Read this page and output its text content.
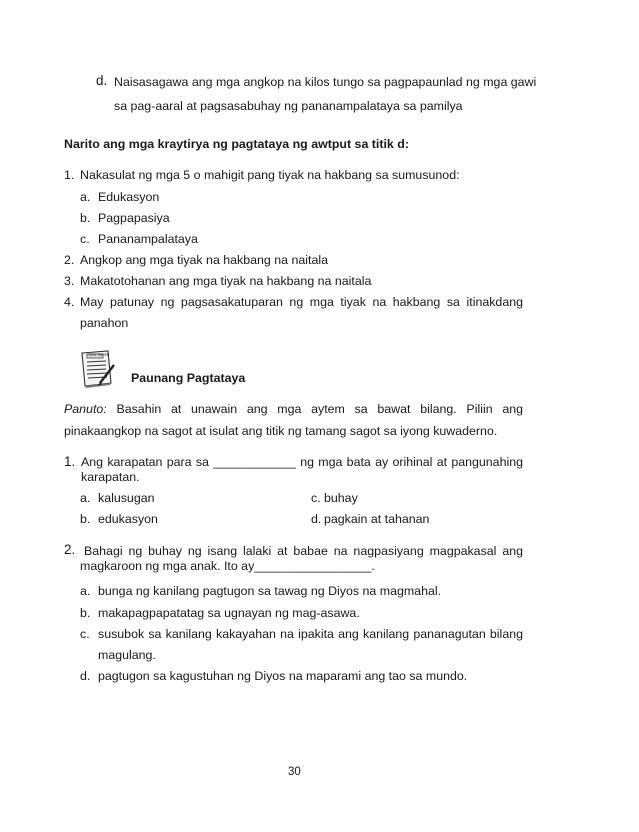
d. Naisasagawa ang mga angkop na kilos tungo sa pagpapaunlad ng mga gawi
sa pag-aaral at pagsasabuhay ng pananampalataya sa pamilya
Narito ang mga kraytirya ng pagtataya ng awtput sa titik d:
1. Nakasulat ng mga 5 o mahigit pang tiyak na hakbang sa sumusunod:
a. Edukasyon
b. Pagpapasiya
c. Pananampalataya
2. Angkop ang mga tiyak na hakbang na naitala
3. Makatotohanan ang mga tiyak na hakbang na naitala
4. May patunay ng pagsasakatuparan ng mga tiyak na hakbang sa itinakdang
panahon
TEST PAPER
Paunang Pagtataya
Panuto: Basahin at unawain ang mga aytem sa bawat bilang. Piliin ang
pinakaangkop na sagot at isulat ang titik ng tamang sagot sa iyong kuwaderno.
1. Ang karapatan para sa ____________ ng mga bata ay orihinal at pangunahing
karapatan.
a. kalusugan
b. edukasyon
c. buhay
d. pagkain at tahanan
2. Bahagi ng buhay ng isang lalaki at babae na nagpasiyang magpakasal ang
magkaroon ng mga anak. Ito ay_________________.
a. bunga ng kanilang pagtugon sa tawag ng Diyos na magmahal.
b. makapagpapatatag sa ugnayan ng mag-asawa.
c. susubok sa kanilang kakayahan na ipakita ang kanilang pananagutan bilang
magulang.
d. pagtugon sa kagustuhan ng Diyos na maparami ang tao sa mundo.
30
